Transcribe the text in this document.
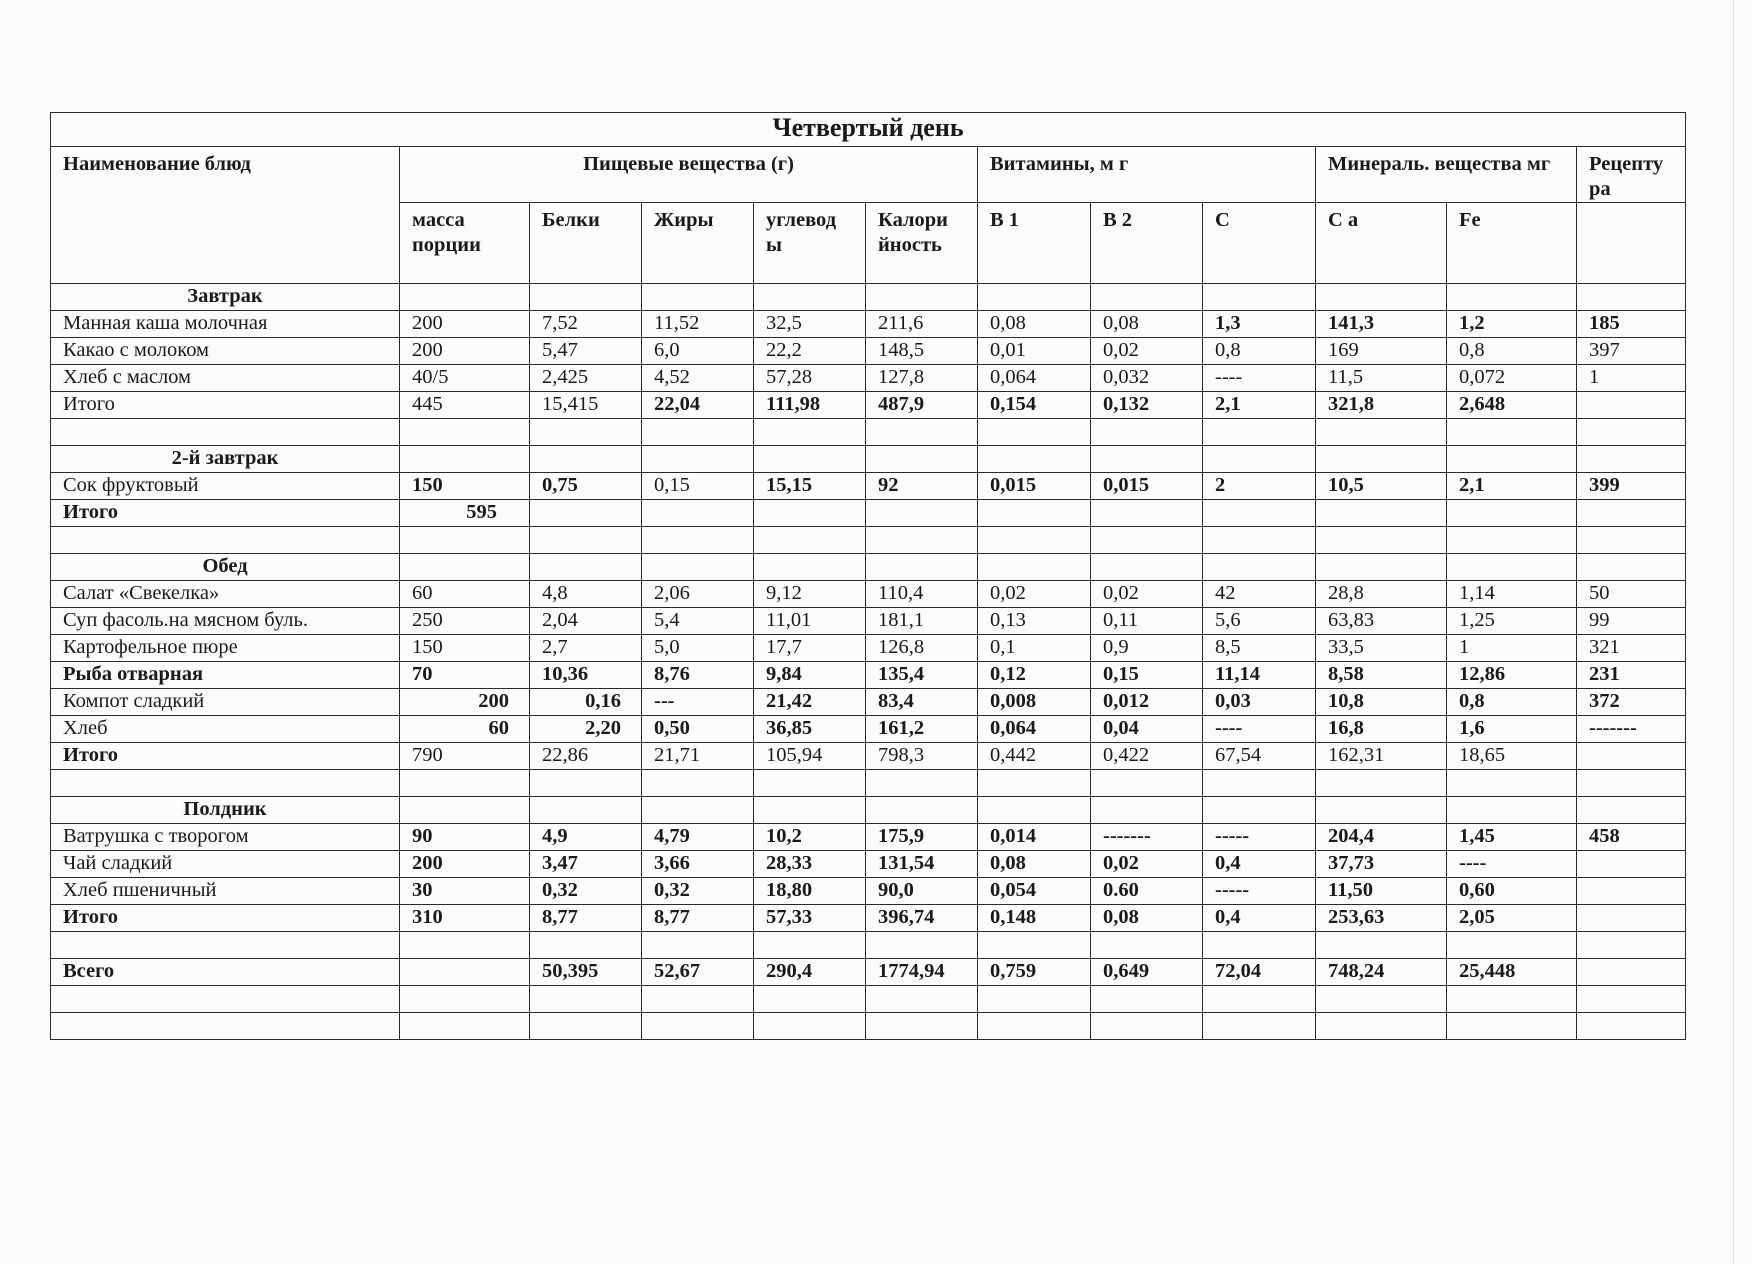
Четвертый день											
Наименование блюд	Пищевые вещества (г)					Витамины, м г			Минераль. вещества мг		Рецепту ра
	масса порции	Белки	Жиры	углевод ы	Калори йность	В 1	В 2	С	С а	Fe	
Завтрак											
Манная каша молочная	200	7,52	11,52	32,5	211,6	0,08	0,08	1,3	141,3	1,2	185
Какао с молоком	200	5,47	6,0	22,2	148,5	0,01	0,02	0,8	169	0,8	397
Хлеб с маслом	40/5	2,425	4,52	57,28	127,8	0,064	0,032	----	11,5	0,072	1
Итого	445	15,415	22,04	111,98	487,9	0,154	0,132	2,1	321,8	2,648	

2-й завтрак											
Сок фруктовый	150	0,75	0,15	15,15	92	0,015	0,015	2	10,5	2,1	399
Итого	595										

Обед											
Салат «Свекелка»	60	4,8	2,06	9,12	110,4	0,02	0,02	42	28,8	1,14	50
Суп фасоль.на мясном буль.	250	2,04	5,4	11,01	181,1	0,13	0,11	5,6	63,83	1,25	99
Картофельное пюре	150	2,7	5,0	17,7	126,8	0,1	0,9	8,5	33,5	1	321
Рыба отварная	70	10,36	8,76	9,84	135,4	0,12	0,15	11,14	8,58	12,86	231
Компот сладкий	200	0,16	---	21,42	83,4	0,008	0,012	0,03	10,8	0,8	372
Хлеб	60	2,20	0,50	36,85	161,2	0,064	0,04	----	16,8	1,6	-------
Итого	790	22,86	21,71	105,94	798,3	0,442	0,422	67,54	162,31	18,65	

Полдник											
Ватрушка с творогом	90	4,9	4,79	10,2	175,9	0,014	-------	-----	204,4	1,45	458
Чай сладкий	200	3,47	3,66	28,33	131,54	0,08	0,02	0,4	37,73	----	
Хлеб пшеничный	30	0,32	0,32	18,80	90,0	0,054	0.60	-----	11,50	0,60	
Итого	310	8,77	8,77	57,33	396,74	0,148	0,08	0,4	253,63	2,05	

Всего		50,395	52,67	290,4	1774,94	0,759	0,649	72,04	748,24	25,448	
